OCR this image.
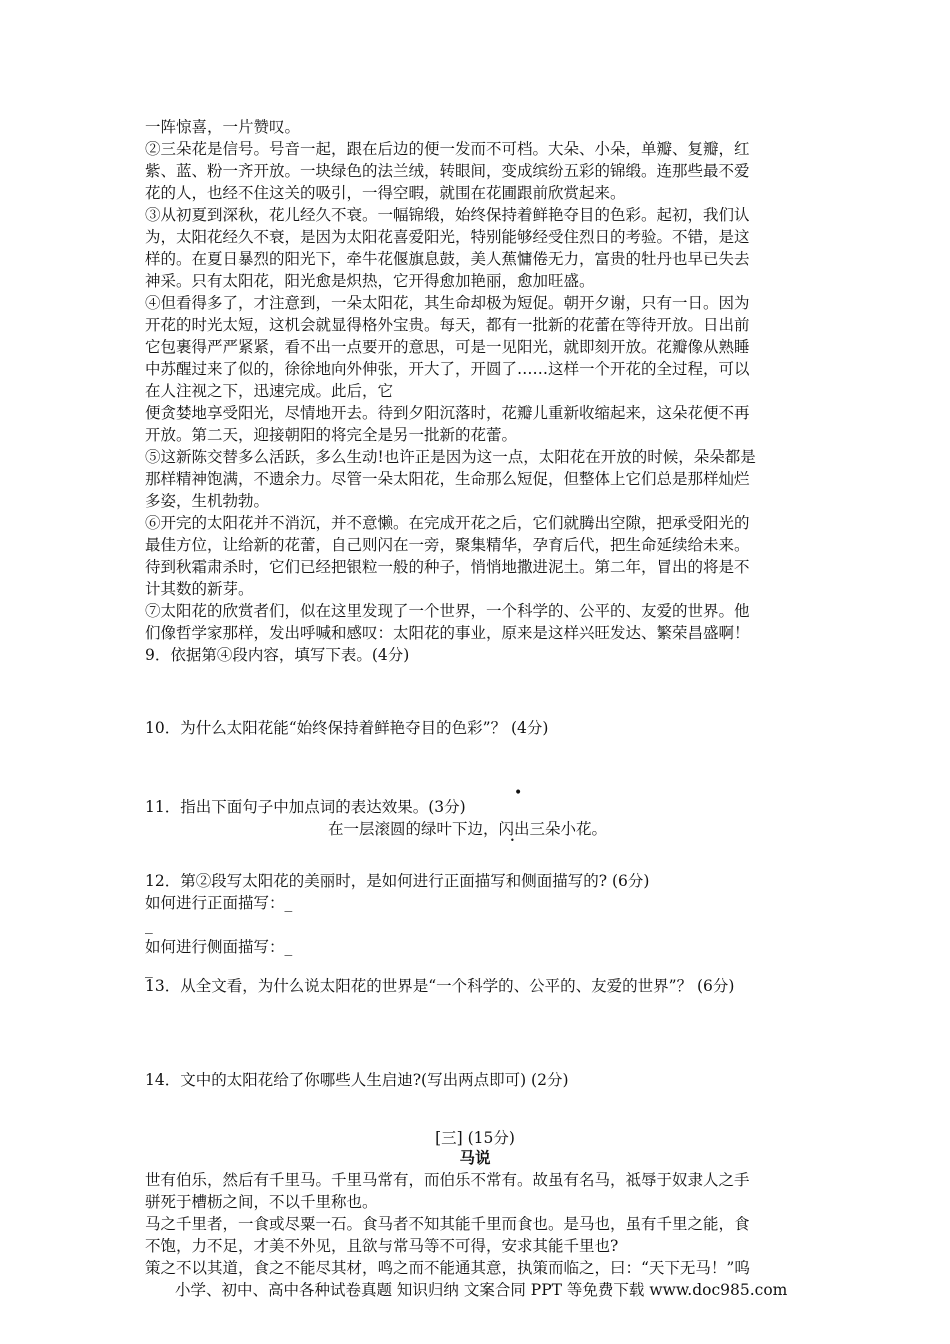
一阵惊喜，一片赞叹。
②三朵花是信号。号音一起，跟在后边的便一发而不可档。大朵、小朵，单瓣、复瓣，红
紫、蓝、粉一齐开放。一块绿色的法兰绒，转眼间，变成缤纷五彩的锦缎。连那些最不爱
花的人，也经不住这关的吸引，一得空暇，就围在花圃跟前欣赏起来。
③从初夏到深秋，花儿经久不衰。一幅锦缎，始终保持着鲜艳夺目的色彩。起初，我们认
为，太阳花经久不衰，是因为太阳花喜爱阳光，特别能够经受住烈日的考验。不错，是这
样的。在夏日暴烈的阳光下，牵牛花偃旗息鼓，美人蕉慵倦无力，富贵的牡丹也早已失去
神采。只有太阳花，阳光愈是炽热，它开得愈加艳丽，愈加旺盛。
④但看得多了，才注意到，一朵太阳花，其生命却极为短促。朝开夕谢，只有一日。因为
开花的时光太短，这机会就显得格外宝贵。每天，都有一批新的花蕾在等待开放。日出前
它包裹得严严紧紧，看不出一点要开的意思，可是一见阳光，就即刻开放。花瓣像从熟睡
中苏醒过来了似的，徐徐地向外伸张，开大了，开圆了……这样一个开花的全过程，可以
在人注视之下，迅速完成。此后，它
便贪婪地享受阳光，尽情地开去。待到夕阳沉落时，花瓣儿重新收缩起来，这朵花便不再
开放。第二天，迎接朝阳的将完全是另一批新的花蕾。
⑤这新陈交替多么活跃，多么生动!也许正是因为这一点，太阳花在开放的时候，朵朵都是
那样精神饱满，不遗余力。尽管一朵太阳花，生命那么短促，但整体上它们总是那样灿烂
多姿，生机勃勃。
⑥开完的太阳花并不消沉，并不意懒。在完成开花之后，它们就腾出空隙，把承受阳光的
最佳方位，让给新的花蕾，自己则闪在一旁，聚集精华，孕育后代，把生命延续给未来。
待到秋霜肃杀时，它们已经把银粒一般的种子，悄悄地撒进泥土。第二年，冒出的将是不
计其数的新芽。
⑦太阳花的欣赏者们，似在这里发现了一个世界，一个科学的、公平的、友爱的世界。他
们像哲学家那样，发出呼喊和感叹：太阳花的事业，原来是这样兴旺发达、繁荣昌盛啊！
9．依据第④段内容，填写下表。(4分)
10．为什么太阳花能“始终保持着鲜艳夺目的色彩”？ (4分)
11．指出下面句子中加点词的表达效果。(3分)
•
在一层滚圆的绿叶下边，闪出三朵小花。
•
12．第②段写太阳花的美丽时，是如何进行正面描写和侧面描写的? (6分)
如何进行正面描写：_
_
如何进行侧面描写：_
_
13．从全文看，为什么说太阳花的世界是“一个科学的、公平的、友爱的世界”？ (6分)
14．文中的太阳花给了你哪些人生启迪?(写出两点即可) (2分)
[三] (15分)
马说
世有伯乐，然后有千里马。千里马常有，而伯乐不常有。故虽有名马，祗辱于奴隶人之手
骈死于槽枥之间，不以千里称也。
马之千里者，一食或尽粟一石。食马者不知其能千里而食也。是马也，虽有千里之能，食
不饱，力不足，才美不外见，且欲与常马等不可得，安求其能千里也?
策之不以其道，食之不能尽其材，鸣之而不能通其意，执策而临之，曰：“天下无马！”呜
小学、初中、高中各种试卷真题 知识归纳 文案合同 PPT 等免费下载 www.doc985.com
